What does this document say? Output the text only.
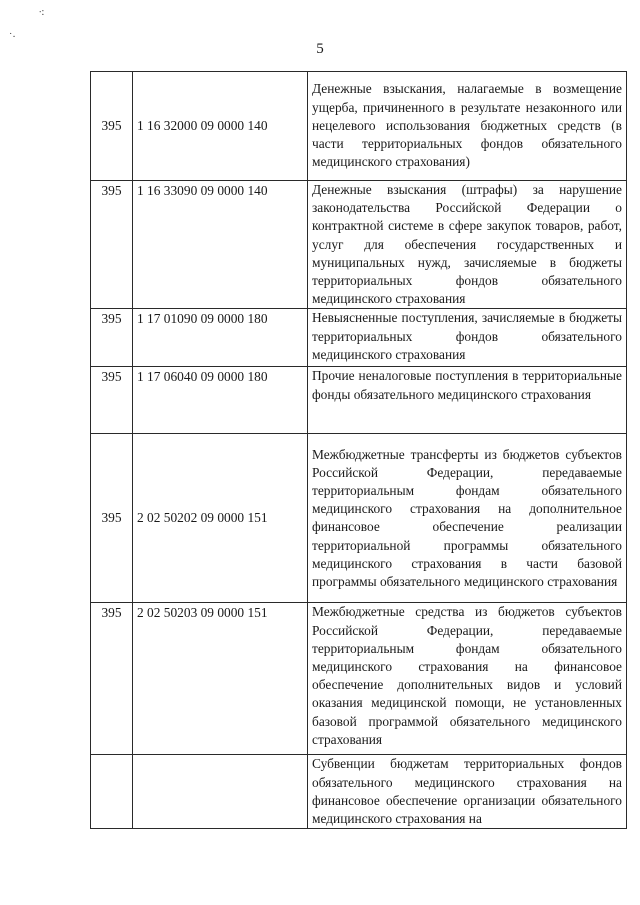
∙:
˙·
5
395	1 16 32000 09 0000 140	Денежные взыскания, налагаемые в возмещение ущерба, причиненного в результате незаконного или нецелевого использования бюджетных средств (в части территориальных фондов обязательного медицинского страхования)
395	1 16 33090 09 0000 140	Денежные взыскания (штрафы) за нарушение законодательства Российской Федерации о контрактной системе в сфере закупок товаров, работ, услуг для обеспечения государственных и муниципальных нужд, зачисляемые в бюджеты территориальных фондов обязательного медицинского страхования
395	1 17 01090 09 0000 180	Невыясненные поступления, зачисляемые в бюджеты территориальных фондов обязательного медицинского страхования
395	1 17 06040 09 0000 180	Прочие неналоговые поступления в территориальные фонды обязательного медицинского страхования
395	2 02 50202 09 0000 151	Межбюджетные трансферты из бюджетов субъектов Российской Федерации, передаваемые территориальным фондам обязательного медицинского страхования на дополнительное финансовое обеспечение реализации территориальной программы обязательного медицинского страхования в части базовой программы обязательного медицинского страхования
395	2 02 50203 09 0000 151	Межбюджетные средства из бюджетов субъектов Российской Федерации, передаваемые территориальным фондам обязательного медицинского страхования на финансовое обеспечение дополнительных видов и условий оказания медицинской помощи, не установленных базовой программой обязательного медицинского страхования
		Субвенции бюджетам территориальных фондов обязательного медицинского страхования на финансовое обеспечение организации обязательного медицинского страхования на
